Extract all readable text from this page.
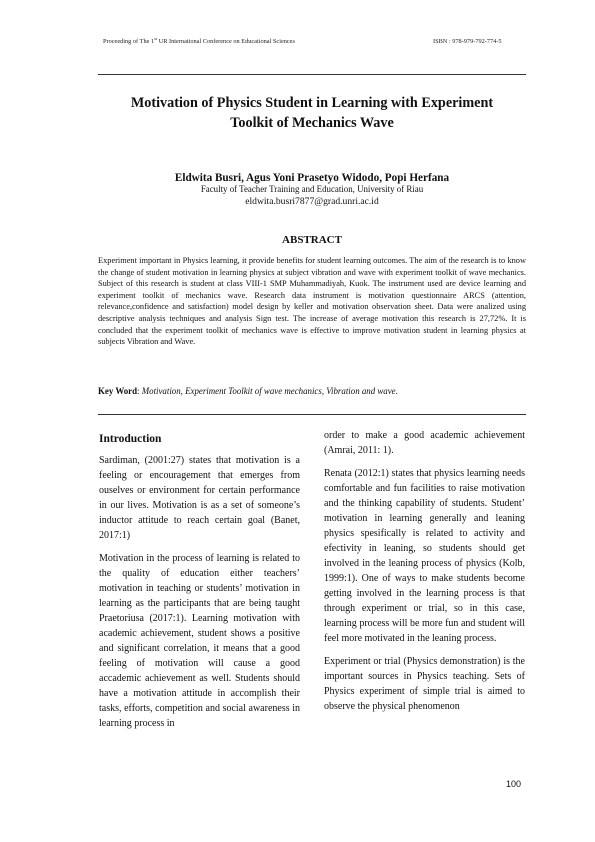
Proceeding of The 1st UR International Conference on Educational Sciences	ISBN : 978-979-792-774-5
Motivation of Physics Student in Learning with Experiment
Toolkit of Mechanics Wave
Eldwita Busri, Agus Yoni Prasetyo Widodo, Popi Herfana
Faculty of Teacher Training and Education, University of Riau
eldwita.busri7877@grad.unri.ac.id
ABSTRACT
Experiment important in Physics learning, it provide benefits for student learning outcomes. The aim of the research is to know the change of student motivation in learning physics at subject vibration and wave with experiment toolkit of wave mechanics. Subject of this research is student at class VIII-1 SMP Muhammadiyah, Kuok. The instrument used are device learning and experiment toolkit of mechanics wave. Research data instrument is motivation questionnaire ARCS (attention, relevance,confidence and satisfaction) model design by keller and motivation observation sheet. Data were analized using descriptive analysis techniques and analysis Sign test. The increase of average motivation this research is 27,72%. It is concluded that the experiment toolkit of mechanics wave is effective to improve motivation student in learning physics at subjects Vibration and Wave.
Key Word: Motivation, Experiment Toolkit of wave mechanics, Vibration and wave.
Introduction

Sardiman, (2001:27) states that motivation is a feeling or encouragement that emerges from ouselves or environment for certain performance in our lives. Motivation is as a set of someone’s inductor attitude to reach certain goal (Banet, 2017:1)

Motivation in the process of learning is related to the quality of education either teachers’ motivation in teaching or students’ motivation in learning as the participants that are being taught Praetoriusa (2017:1). Learning motivation with academic achievement, student shows a positive and significant correlation, it means that a good feeling of motivation will cause a good accademic achievement as well. Students should have a motivation attitude in accomplish their tasks, efforts, competition and social awareness in learning process in

order to make a good academic achievement (Amrai, 2011: 1).

Renata (2012:1) states that physics learning needs comfortable and fun facilities to raise motivation and the thinking capability of students. Student’ motivation in learning generally and leaning physics spesifically is related to activity and efectivity in leaning, so students should get involved in the leaning process of physics (Kolb, 1999:1). One of ways to make students become getting involved in the learning process is that through experiment or trial, so in this case, learning process will be more fun and student will feel more motivated in the leaning process.

Experiment or trial (Physics demonstration) is the important sources in Physics teaching. Sets of Physics experiment of simple trial is aimed to observe the physical phenomenon

100
